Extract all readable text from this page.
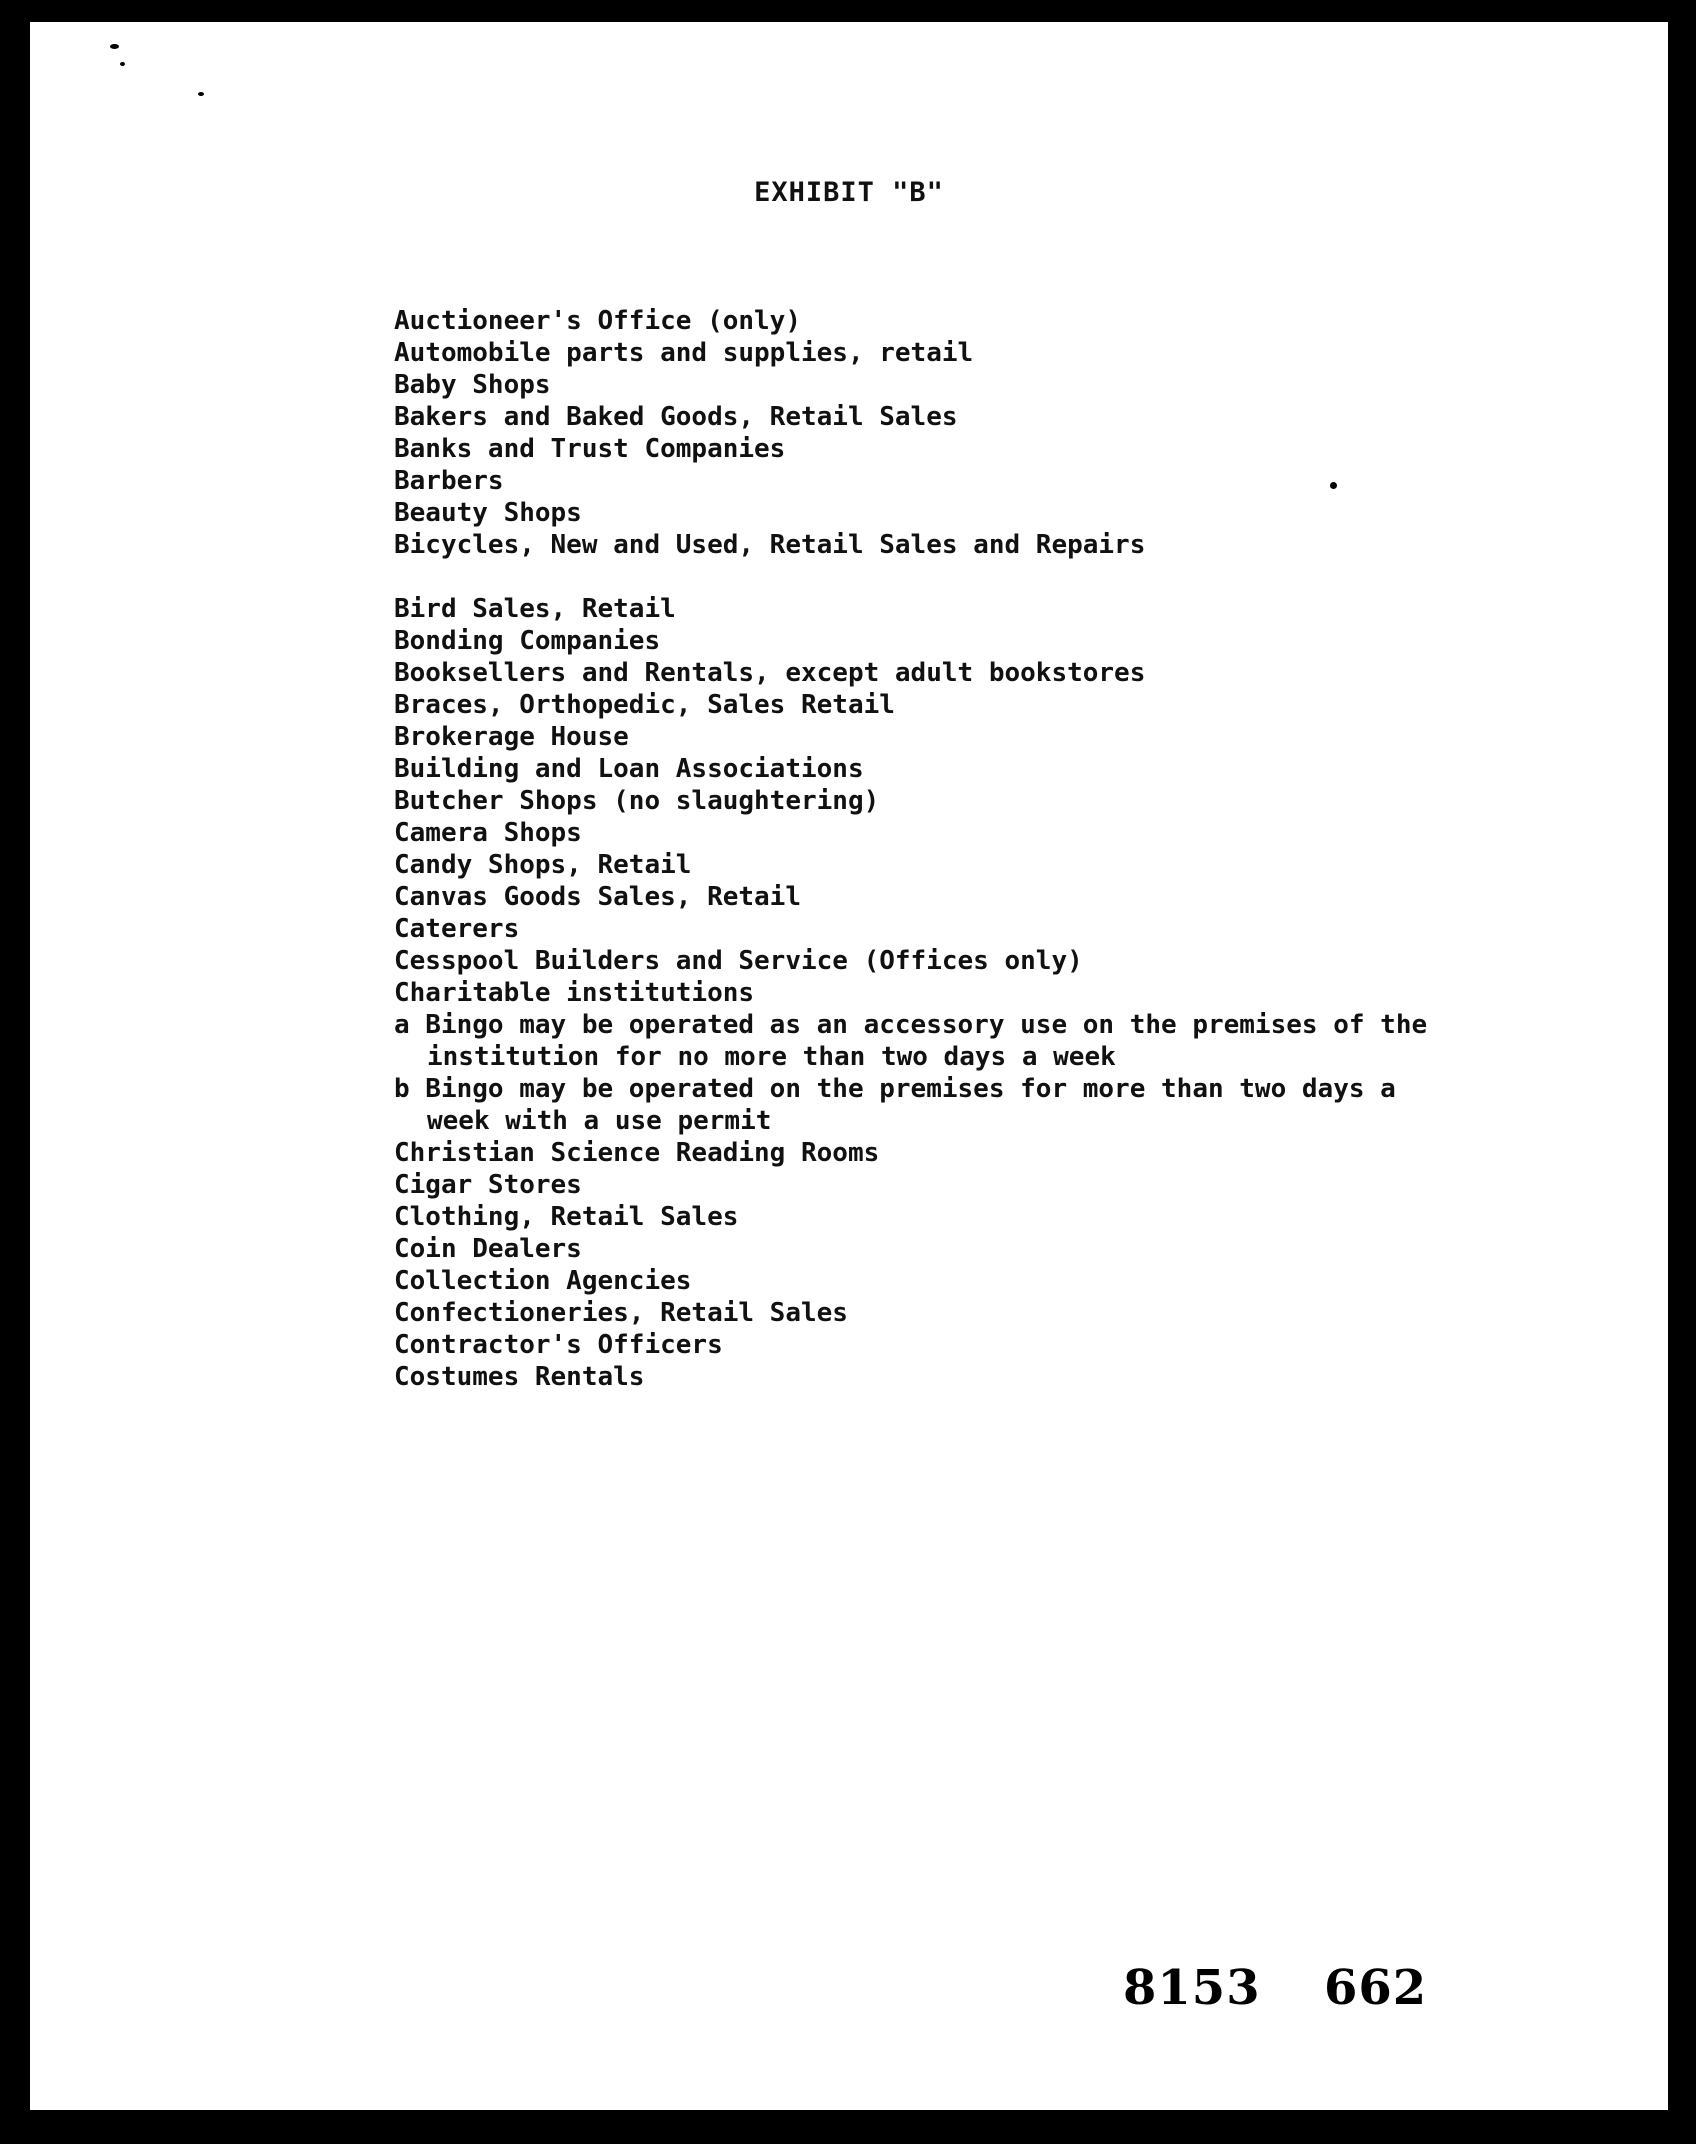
EXHIBIT "B"
Auctioneer's Office (only)
Automobile parts and supplies, retail
Baby Shops
Bakers and Baked Goods, Retail Sales
Banks and Trust Companies
Barbers
Beauty Shops
Bicycles, New and Used, Retail Sales and Repairs
Bird Sales, Retail
Bonding Companies
Booksellers and Rentals, except adult bookstores
Braces, Orthopedic, Sales Retail
Brokerage House
Building and Loan Associations
Butcher Shops (no slaughtering)
Camera Shops
Candy Shops, Retail
Canvas Goods Sales, Retail
Caterers
Cesspool Builders and Service (Offices only)
Charitable institutions
a Bingo may be operated as an accessory use on the premises of the
institution for no more than two days a week
b Bingo may be operated on the premises for more than two days a
week with a use permit
Christian Science Reading Rooms
Cigar Stores
Clothing, Retail Sales
Coin Dealers
Collection Agencies
Confectioneries, Retail Sales
Contractor's Officers
Costumes Rentals
8153 662
